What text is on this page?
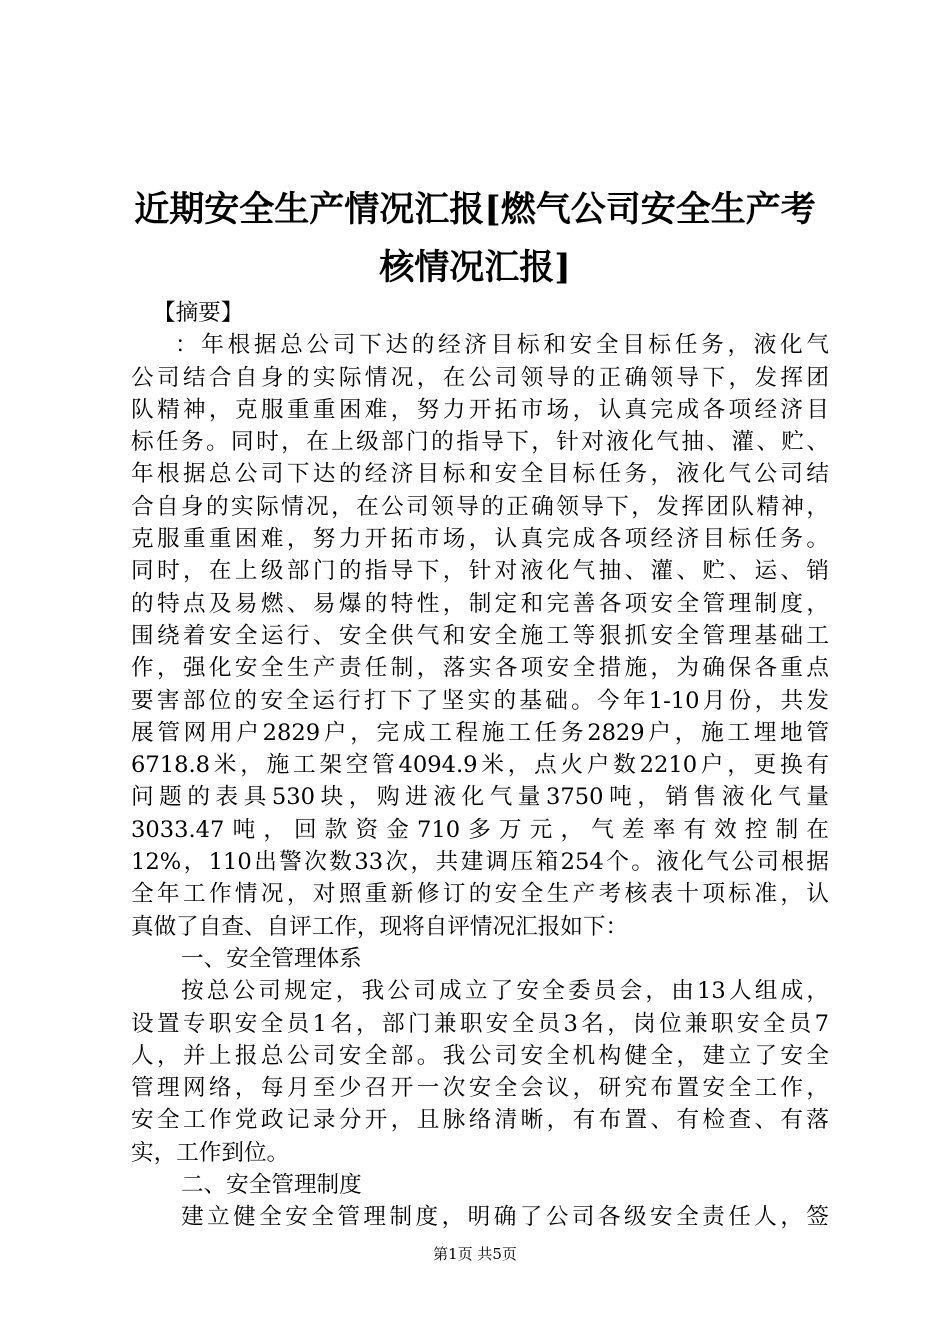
近期安全生产情况汇报[燃气公司安全生产考
核情况汇报]
【摘要】
：年根据总公司下达的经济目标和安全目标任务，液化气
公司结合自身的实际情况，在公司领导的正确领导下，发挥团
队精神，克服重重困难，努力开拓市场，认真完成各项经济目
标任务。同时，在上级部门的指导下，针对液化气抽、灌、贮、
年根据总公司下达的经济目标和安全目标任务，液化气公司结
合自身的实际情况，在公司领导的正确领导下，发挥团队精神，
克服重重困难，努力开拓市场，认真完成各项经济目标任务。
同时，在上级部门的指导下，针对液化气抽、灌、贮、运、销
的特点及易燃、易爆的特性，制定和完善各项安全管理制度，
围绕着安全运行、安全供气和安全施工等狠抓安全管理基础工
作，强化安全生产责任制，落实各项安全措施，为确保各重点
要害部位的安全运行打下了坚实的基础。今年1-10月份，共发
展管网用户2829户，完成工程施工任务2829户，施工埋地管
6718.8米，施工架空管4094.9米，点火户数2210户，更换有
问题的表具530块，购进液化气量3750吨，销售液化气量
3033.47吨，回款资金710多万元，气差率有效控制在
12%，110出警次数33次，共建调压箱254个。液化气公司根据
全年工作情况，对照重新修订的安全生产考核表十项标准，认
真做了自查、自评工作，现将自评情况汇报如下：
一、安全管理体系
按总公司规定，我公司成立了安全委员会，由13人组成，
设置专职安全员1名，部门兼职安全员3名，岗位兼职安全员7
人，并上报总公司安全部。我公司安全机构健全，建立了安全
管理网络，每月至少召开一次安全会议，研究布置安全工作，
安全工作党政记录分开，且脉络清晰，有布置、有检查、有落
实，工作到位。
二、安全管理制度
建立健全安全管理制度，明确了公司各级安全责任人，签
第1页 共5页
